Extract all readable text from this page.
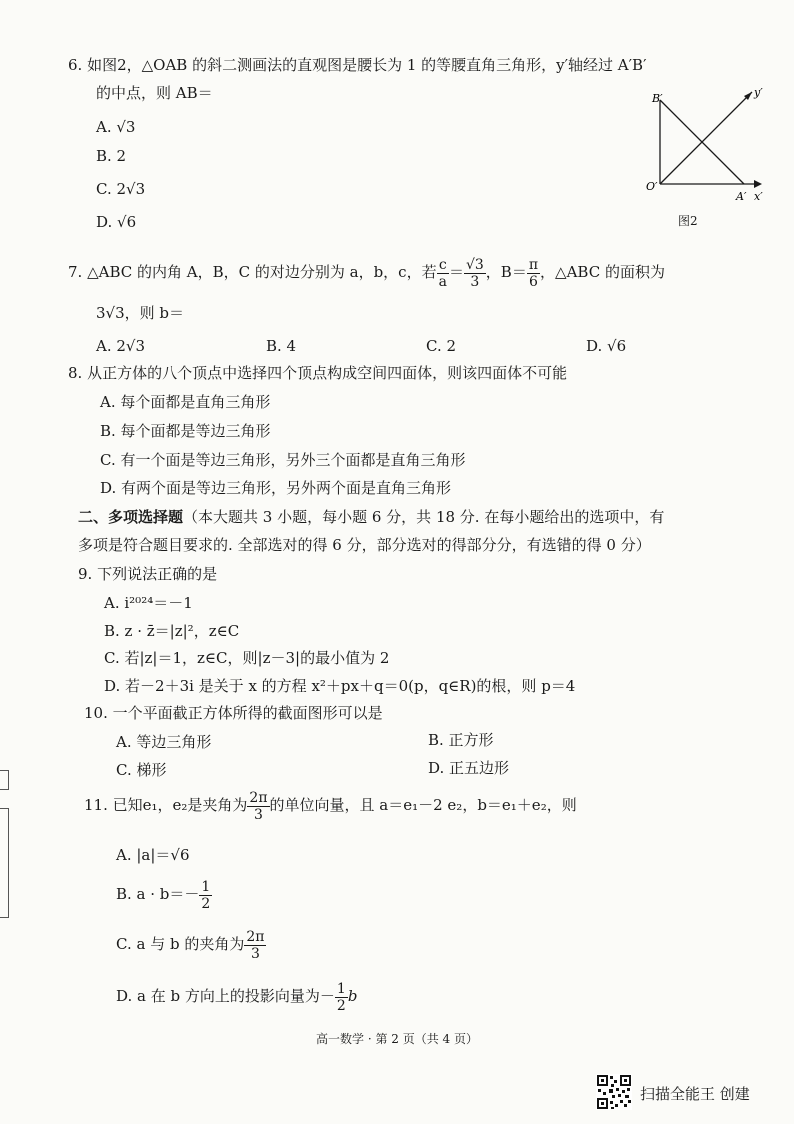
6. 如图2，△OAB 的斜二测画法的直观图是腰长为 1 的等腰直角三角形，y′轴经过 A′B′
的中点，则 AB＝
A. √3
B. 2
C. 2√3
D. √6
B′
O′
A′ x′
y′
图2
7. △ABC 的内角 A，B，C 的对边分别为 a，b，c，若 $\frac{c}{a} = \frac{√3}{3}$ ，$B= \frac{\pi}{6}$ ，△ABC 的面积为
3√3，则 b＝
A. 2√3	B. 4	C. 2	D. √6
8. 从正方体的八个顶点中选择四个顶点构成空间四面体，则该四面体不可能
A. 每个面都是直角三角形
B. 每个面都是等边三角形
C. 有一个面是等边三角形，另外三个面都是直角三角形
D. 有两个面是等边三角形，另外两个面是直角三角形
二、多项选择题（本大题共 3 小题，每小题 6 分，共 18 分. 在每小题给出的选项中，有
多项是符合题目要求的. 全部选对的得 6 分，部分选对的得部分分，有选错的得 0 分）
9. 下列说法正确的是
A. i²⁰²⁴＝－1
B. z · z̄＝|z|²，z∈C
C. 若|z|＝1，z∈C，则|z－3|的最小值为 2
D. 若－2＋3i 是关于 x 的方程 x²＋px＋q＝0(p，q∈R)的根，则 p＝4
10. 一个平面截正方体所得的截面图形可以是
A. 等边三角形	B. 正方形
C. 梯形	D. 正五边形
11. 已知e₁，e₂是夹角为 $\frac{2\pi}{3}$ 的单位向量，且 a＝e₁－2 e₂，b＝e₁＋e₂，则
A. |a|＝√6
B. $a \cdot b=- \frac{1}{2}$
C. a 与 b 的夹角为 $\frac{2\pi}{3}$
D. a 在 b 方向上的投影向量为－ $\frac{1}{2}$ b
高一数学 · 第 2 页（共 4 页）
扫描全能王 创建
